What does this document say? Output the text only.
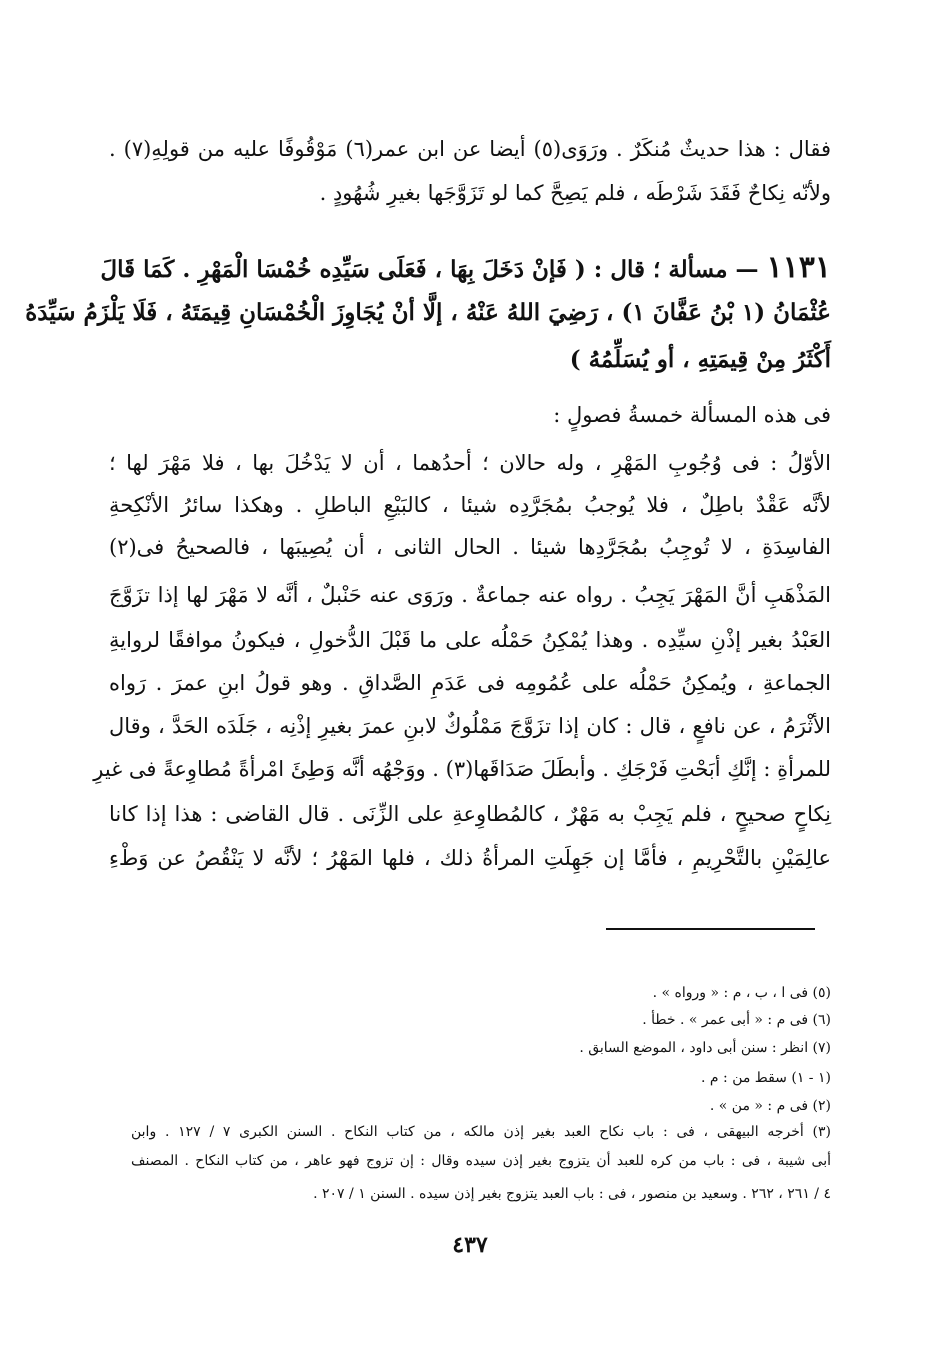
فقال : هذا حديثٌ مُنكَرٌ . ورَوَى(٥) أيضا عن ابن عمر(٦) مَوْقُوفًا عليه من قولِهِ(٧) .
ولأنّه نِكاحٌ فَقَدَ شَرْطَه ، فلم يَصِحَّ كما لو تَزَوَّجَها بغيرِ شُهُودٍ .
١١٣١ — مسألة ؛ قال : ( فَإنْ دَخَلَ بِهَا ، فَعَلَى سَيِّدِه خُمْسَا الْمَهْرِ . كَمَا قَالَ
عُثْمَانُ (١ بْنُ عَفَّانَ ١) ، رَضِيَ اللهُ عَنْهُ ، إلَّا أنْ يُجَاوِزَ الْخُمْسَانِ قِيمَتَهُ ، فَلَا يَلْزَمُ سَيِّدَهُ
أَكْثَرُ مِنْ قِيمَتِهِ ، أو يُسَلِّمُهُ )
فى هذه المسألة خمسةُ فصولٍ :
الأوّلُ : فى وُجُوبِ المَهْرِ ، وله حالان ؛ أحدُهما ، أن لا يَدْخُلَ بها ، فلا مَهْرَ لها ؛
لأنَّه عَقْدٌ باطِلٌ ، فلا يُوجبُ بمُجَرَّدِه شيئا ، كالبَيْعِ الباطلِ . وهكذا سائرُ الأنْكِحةِ
الفاسِدَةِ ، لا تُوجِبُ بمُجَرَّدِها شيئا . الحال الثانى ، أن يُصِيبَها ، فالصحيحُ فى(٢)
المَذْهَبِ أنَّ المَهْرَ يَجِبُ . رواه عنه جماعةٌ . ورَوَى عنه حَنْبلٌ ، أنَّه لا مَهْرَ لها إذا تزَوَّجَ
العَبْدُ بغير إذْنِ سيِّدِه . وهذا يُمْكِنُ حَمْلُه على ما قَبْلَ الدُّخولِ ، فيكونُ موافقًا لروايةِ
الجماعةِ ، ويُمكِنُ حَمْلُه على عُمُومِه فى عَدَمِ الصَّداقِ . وهو قولُ ابنِ عمرَ . رَواه
الأثْرَمُ ، عن نافعٍ ، قال : كان إذا تزَوَّجَ مَمْلُوكٌ لابنِ عمرَ بغيرِ إذْنِه ، جَلَدَه الحَدَّ ، وقال
للمرأةِ : إنَّكِ أبَحْتِ فَرْجَكِ . وأبطَلَ صَدَاقَها(٣) . ووَجْهُه أنَّه وَطِئَ امْرأةً مُطاوِعةً فى غيرِ
نِكاحٍ صحيحٍ ، فلم يَجِبْ به مَهْرٌ ، كالمُطاوِعةِ على الزِّنَى . قال القاضى : هذا إذا كانا
عالِمَيْنِ بالتَّحْرِيمِ ، فأمَّا إن جَهِلَتِ المرأةُ ذلك ، فلها المَهْرُ ؛ لأنَّه لا يَنْقُصُ عن وَطْءِ
(٥) فى ا ، ب ، م : « ورواه » .
(٦) فى م : « أبى عمر » . خطأ .
(٧) انظر : سنن أبى داود ، الموضع السابق .
(١ - ١) سقط من : م .
(٢) فى م : « من » .
(٣) أخرجه البيهقى ، فى : باب نكاح العبد بغير إذن مالكه ، من كتاب النكاح . السنن الكبرى ٧ / ١٢٧ . وابن
أبى شيبة ، فى : باب من كره للعبد أن يتزوج بغير إذن سيده وقال : إن تزوج فهو عاهر ، من كتاب النكاح . المصنف
٤ / ٢٦١ ، ٢٦٢ . وسعيد بن منصور ، فى : باب العبد يتزوج بغير إذن سيده . السنن ١ / ٢٠٧ .
٤٣٧
